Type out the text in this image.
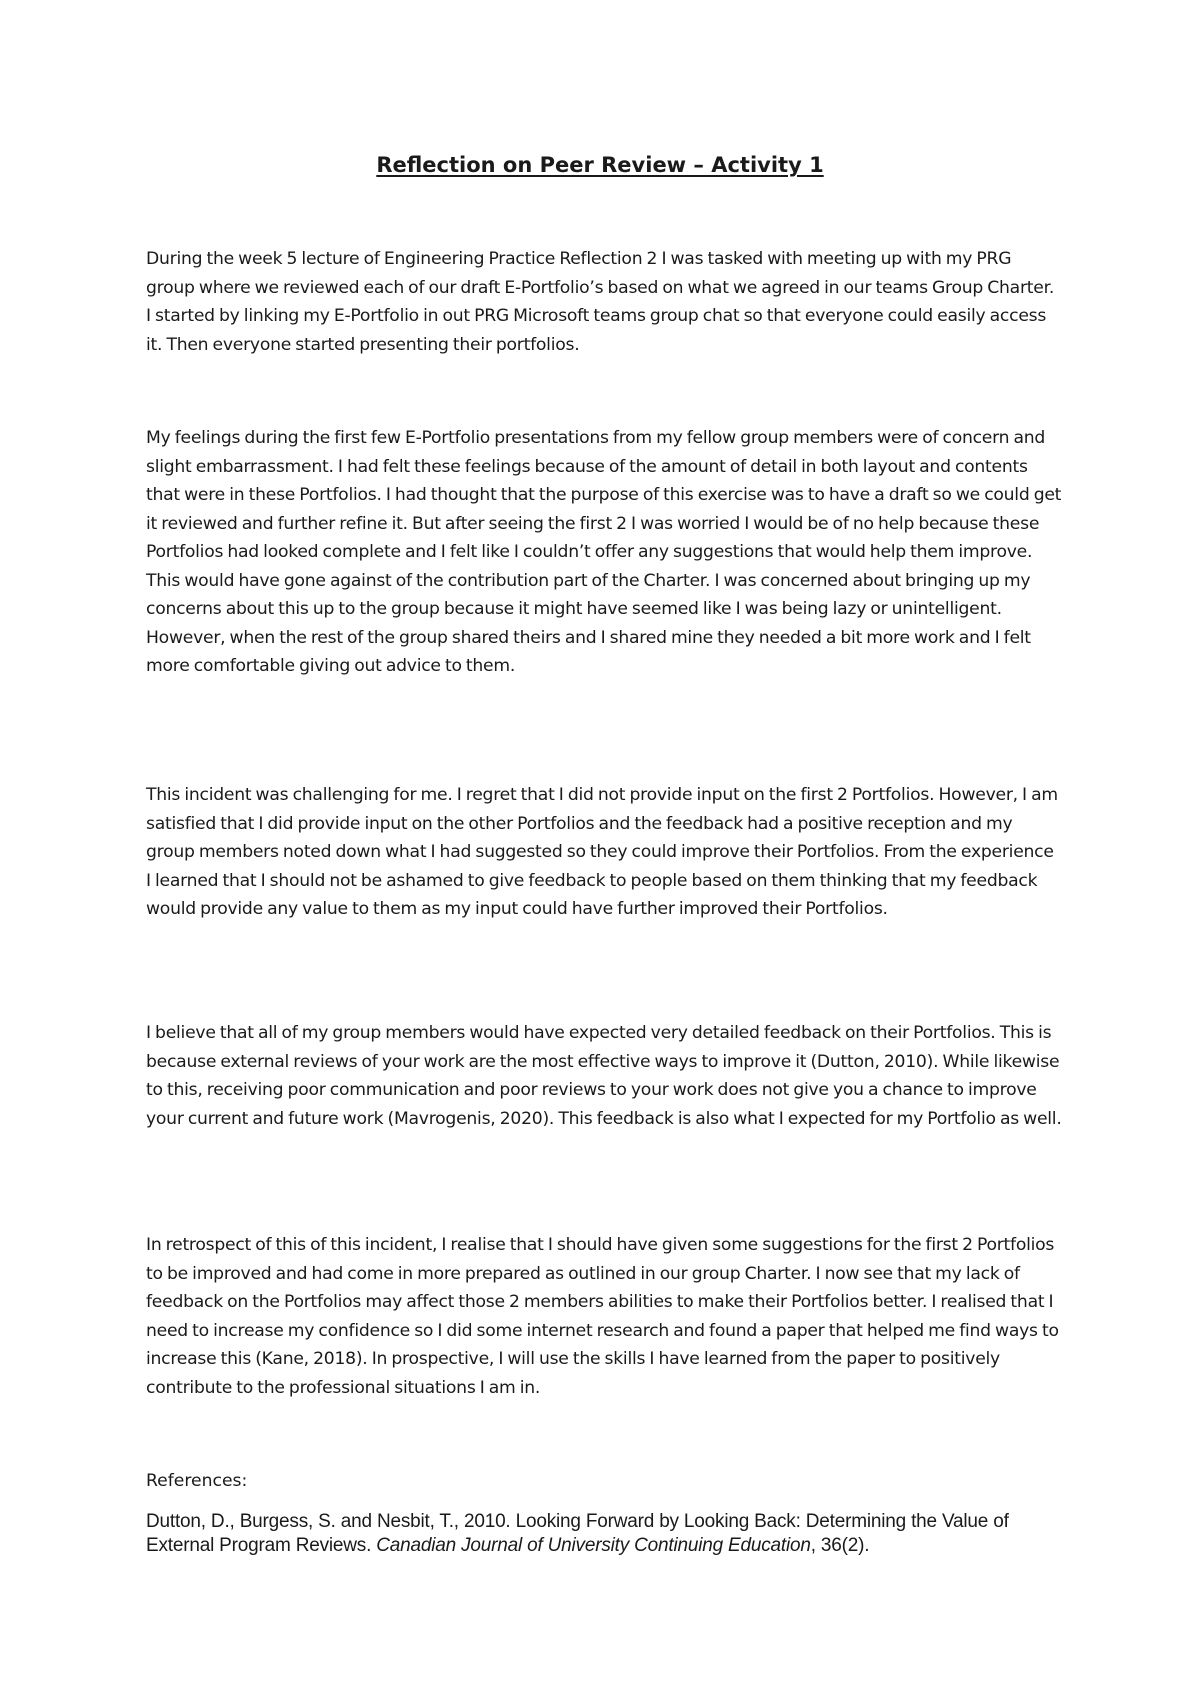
Reflection on Peer Review – Activity 1

During the week 5 lecture of Engineering Practice Reflection 2 I was tasked with meeting up with my PRG group where we reviewed each of our draft E-Portfolio’s based on what we agreed in our teams Group Charter. I started by linking my E-Portfolio in out PRG Microsoft teams group chat so that everyone could easily access it. Then everyone started presenting their portfolios.

My feelings during the first few E-Portfolio presentations from my fellow group members were of concern and slight embarrassment. I had felt these feelings because of the amount of detail in both layout and contents that were in these Portfolios. I had thought that the purpose of this exercise was to have a draft so we could get it reviewed and further refine it. But after seeing the first 2 I was worried I would be of no help because these Portfolios had looked complete and I felt like I couldn’t offer any suggestions that would help them improve. This would have gone against of the contribution part of the Charter. I was concerned about bringing up my concerns about this up to the group because it might have seemed like I was being lazy or unintelligent. However, when the rest of the group shared theirs and I shared mine they needed a bit more work and I felt more comfortable giving out advice to them.

This incident was challenging for me. I regret that I did not provide input on the first 2 Portfolios. However, I am satisfied that I did provide input on the other Portfolios and the feedback had a positive reception and my group members noted down what I had suggested so they could improve their Portfolios. From the experience I learned that I should not be ashamed to give feedback to people based on them thinking that my feedback would provide any value to them as my input could have further improved their Portfolios.

I believe that all of my group members would have expected very detailed feedback on their Portfolios. This is because external reviews of your work are the most effective ways to improve it (Dutton, 2010). While likewise to this, receiving poor communication and poor reviews to your work does not give you a chance to improve your current and future work (Mavrogenis, 2020). This feedback is also what I expected for my Portfolio as well.

In retrospect of this of this incident, I realise that I should have given some suggestions for the first 2 Portfolios to be improved and had come in more prepared as outlined in our group Charter. I now see that my lack of feedback on the Portfolios may affect those 2 members abilities to make their Portfolios better. I realised that I need to increase my confidence so I did some internet research and found a paper that helped me find ways to increase this (Kane, 2018). In prospective, I will use the skills I have learned from the paper to positively contribute to the professional situations I am in.

References:

Dutton, D., Burgess, S. and Nesbit, T., 2010. Looking Forward by Looking Back: Determining the Value of External Program Reviews. Canadian Journal of University Continuing Education, 36(2).
